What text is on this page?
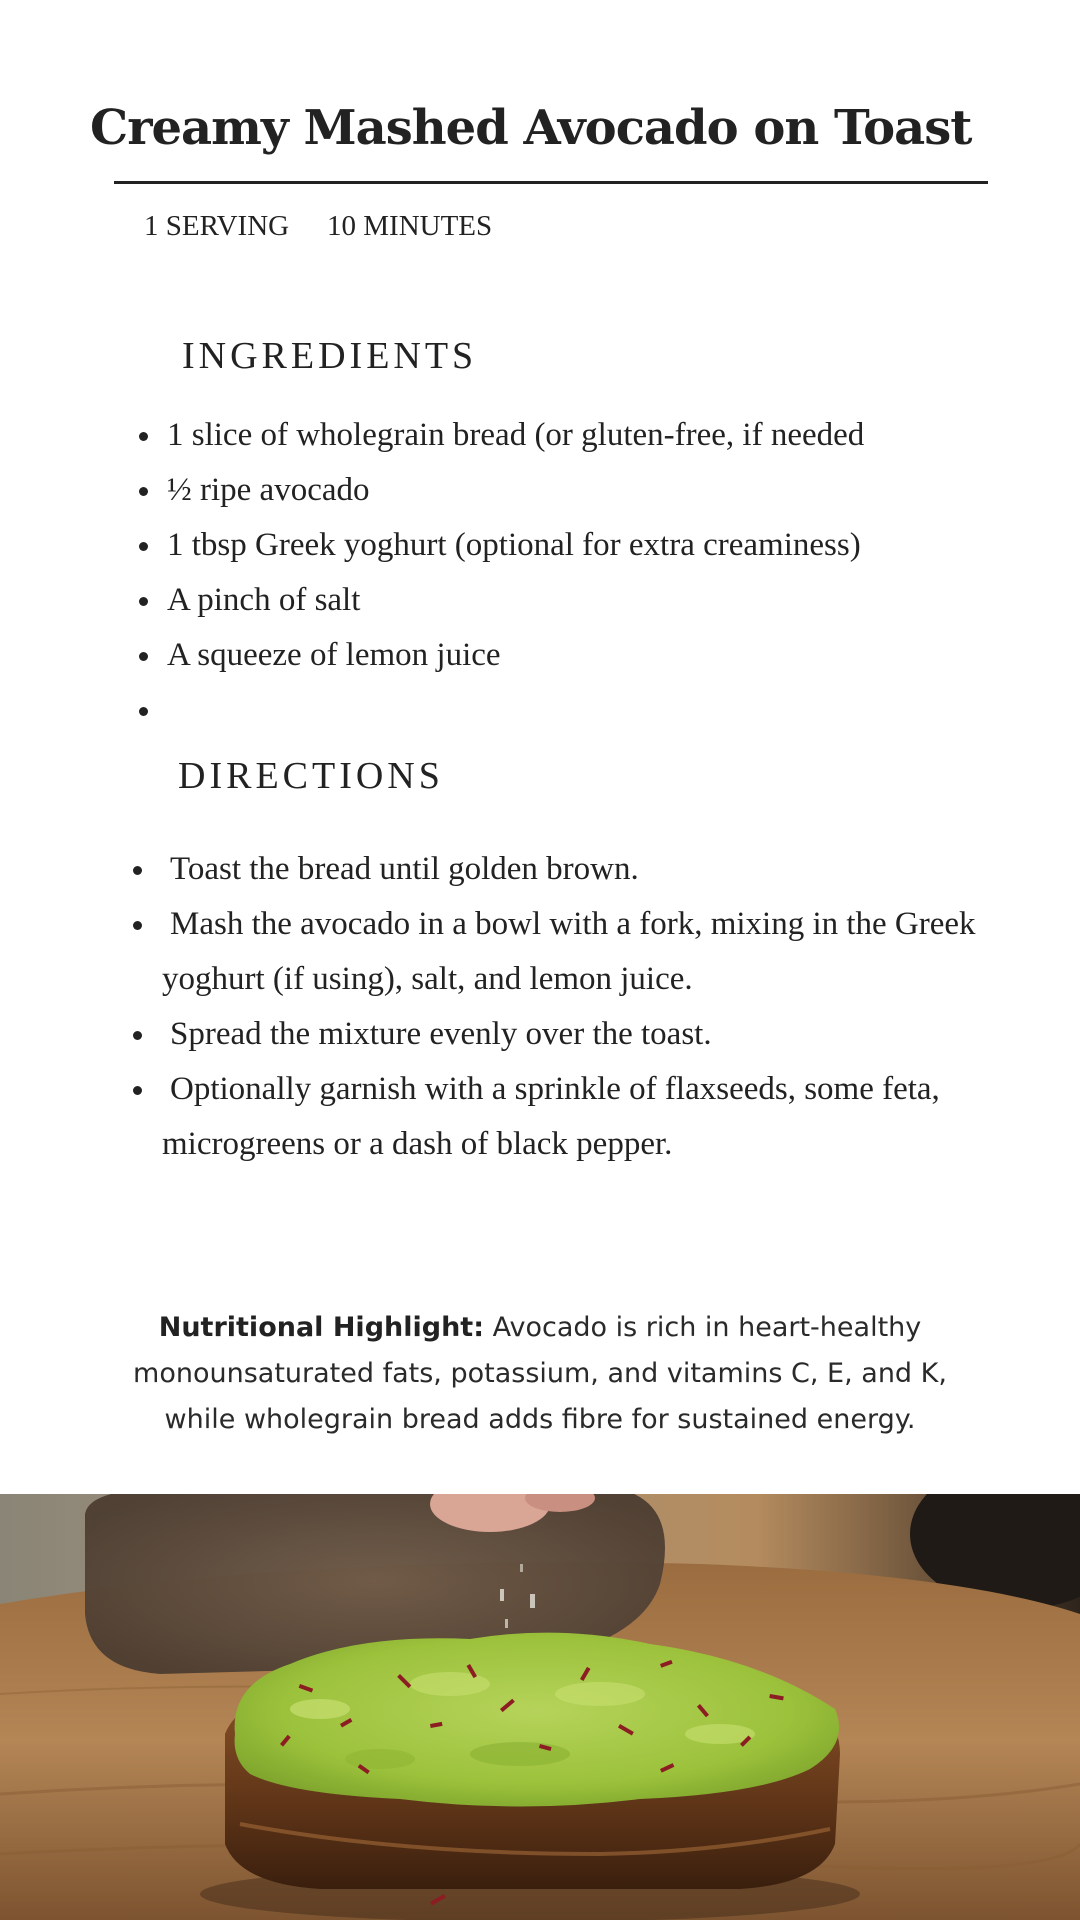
Creamy Mashed Avocado on Toast
1 SERVING 10 MINUTES
INGREDIENTS
1 slice of wholegrain bread (or gluten-free, if needed
½ ripe avocado
1 tbsp Greek yoghurt (optional for extra creaminess)
A pinch of salt
A squeeze of lemon juice
DIRECTIONS
Toast the bread until golden brown.
Mash the avocado in a bowl with a fork, mixing in the Greek yoghurt (if using), salt, and lemon juice.
Spread the mixture evenly over the toast.
Optionally garnish with a sprinkle of flaxseeds, some feta, microgreens or a dash of black pepper.

Nutritional Highlight: Avocado is rich in heart-healthy monounsaturated fats, potassium, and vitamins C, E, and K, while wholegrain bread adds fibre for sustained energy.
